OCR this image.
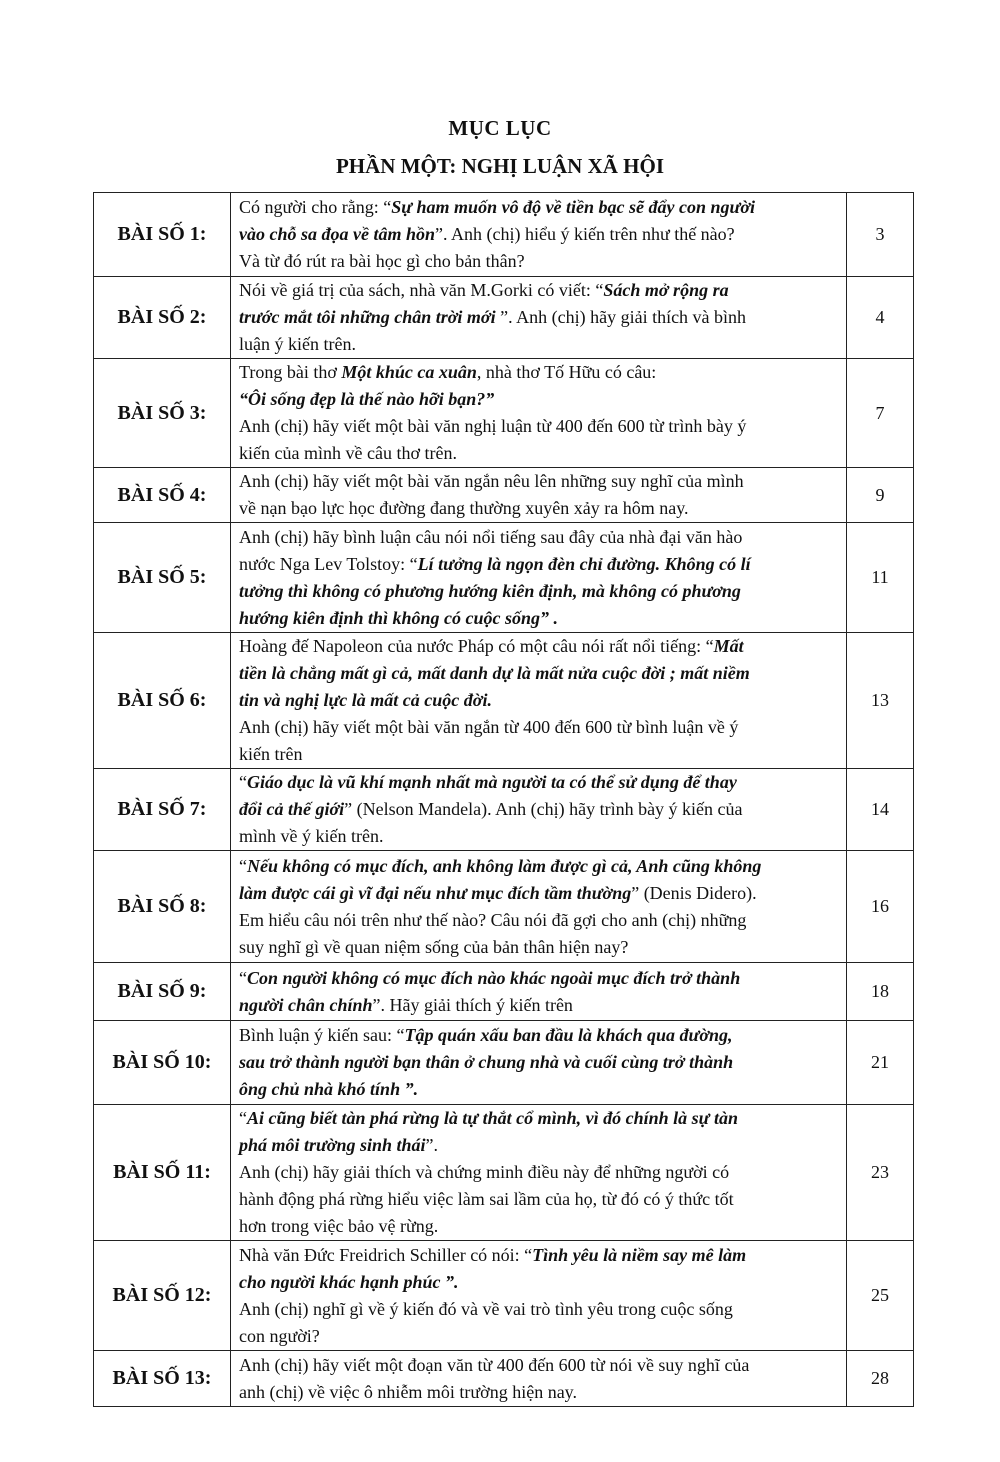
MỤC LỤC
PHẦN MỘT: NGHỊ LUẬN XÃ HỘI
BÀI SỐ 1:	Có người cho rằng: “Sự ham muốn vô độ về tiền bạc sẽ đẩy con người
vào chỗ sa đọa về tâm hồn”. Anh (chị) hiểu ý kiến trên như thế nào?
Và từ đó rút ra bài học gì cho bản thân?	3
BÀI SỐ 2:	Nói về giá trị của sách, nhà văn M.Gorki có viết: “Sách mở rộng ra
trước mắt tôi những chân trời mới ”. Anh (chị) hãy giải thích và bình
luận ý kiến trên.	4
BÀI SỐ 3:	Trong bài thơ Một khúc ca xuân, nhà thơ Tố Hữu có câu:
“Ôi sống đẹp là thế nào hỡi bạn?”
Anh (chị) hãy viết một bài văn nghị luận từ 400 đến 600 từ trình bày ý
kiến của mình về câu thơ trên.	7
BÀI SỐ 4:	Anh (chị) hãy viết một bài văn ngắn nêu lên những suy nghĩ của mình
về nạn bạo lực học đường đang thường xuyên xảy ra hôm nay.	9
BÀI SỐ 5:	Anh (chị) hãy bình luận câu nói nổi tiếng sau đây của nhà đại văn hào
nước Nga Lev Tolstoy: “Lí tưởng là ngọn đèn chỉ đường. Không có lí
tưởng thì không có phương hướng kiên định, mà không có phương
hướng kiên định thì không có cuộc sống” .	11
BÀI SỐ 6:	Hoàng đế Napoleon của nước Pháp có một câu nói rất nổi tiếng: “Mất
tiền là chẳng mất gì cả, mất danh dự là mất nửa cuộc đời ; mất niềm
tin và nghị lực là mất cả cuộc đời.
Anh (chị) hãy viết một bài văn ngắn từ 400 đến 600 từ bình luận về ý
kiến trên	13
BÀI SỐ 7:	“Giáo dục là vũ khí mạnh nhất mà người ta có thể sử dụng để thay
đổi cả thế giới” (Nelson Mandela). Anh (chị) hãy trình bày ý kiến của
mình về ý kiến trên.	14
BÀI SỐ 8:	“Nếu không có mục đích, anh không làm được gì cả, Anh cũng không
làm được cái gì vĩ đại nếu như mục đích tầm thường” (Denis Didero).
Em hiểu câu nói trên như thế nào? Câu nói đã gợi cho anh (chị) những
suy nghĩ gì về quan niệm sống của bản thân hiện nay?	16
BÀI SỐ 9:	“Con người không có mục đích nào khác ngoài mục đích trở thành
người chân chính”. Hãy giải thích ý kiến trên	18
BÀI SỐ 10:	Bình luận ý kiến sau: “Tập quán xấu ban đầu là khách qua đường,
sau trở thành người bạn thân ở chung nhà và cuối cùng trở thành
ông chủ nhà khó tính ”.	21
BÀI SỐ 11:	“Ai cũng biết tàn phá rừng là tự thắt cổ mình, vì đó chính là sự tàn
phá môi trường sinh thái”.
Anh (chị) hãy giải thích và chứng minh điều này để những người có
hành động phá rừng hiểu việc làm sai lầm của họ, từ đó có ý thức tốt
hơn trong việc bảo vệ rừng.	23
BÀI SỐ 12:	Nhà văn Đức Freidrich Schiller có nói: “Tình yêu là niềm say mê làm
cho người khác hạnh phúc ”.
Anh (chị) nghĩ gì về ý kiến đó và về vai trò tình yêu trong cuộc sống
con người?	25
BÀI SỐ 13:	Anh (chị) hãy viết một đoạn văn từ 400 đến 600 từ nói về suy nghĩ của
anh (chị) về việc ô nhiễm môi trường hiện nay.	28
